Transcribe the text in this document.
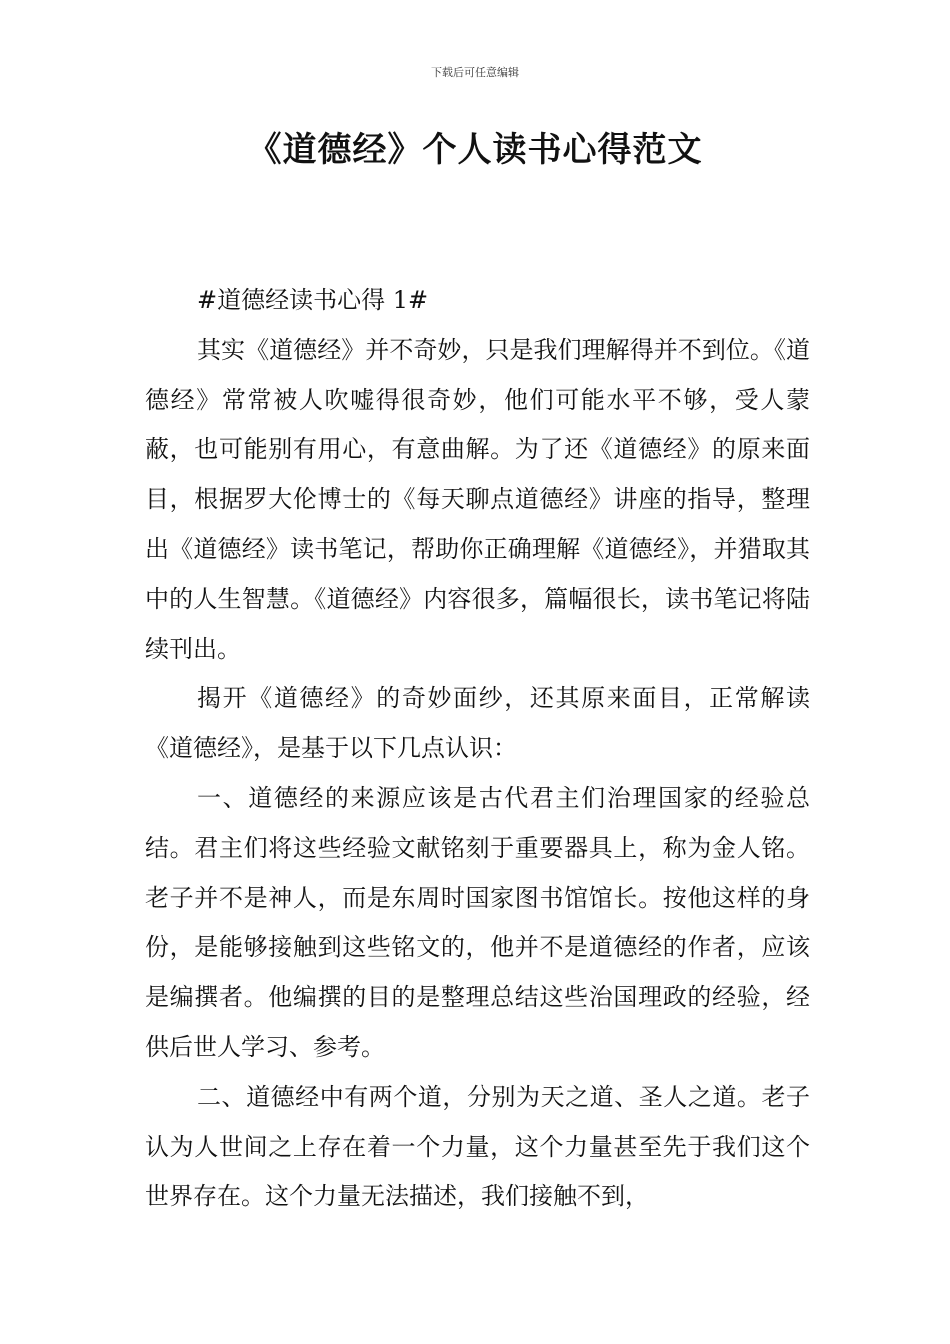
下载后可任意编辑
《道德经》个人读书心得范文

#道德经读书心得 1#

其实《道德经》并不奇妙，只是我们理解得并不到位。《道德经》常常被人吹嘘得很奇妙，他们可能水平不够，受人蒙蔽，也可能别有用心，有意曲解。为了还《道德经》的原来面目，根据罗大伦博士的《每天聊点道德经》讲座的指导，整理出《道德经》读书笔记，帮助你正确理解《道德经》，并猎取其中的人生智慧。《道德经》内容很多，篇幅很长，读书笔记将陆续刊出。

揭开《道德经》的奇妙面纱，还其原来面目，正常解读《道德经》，是基于以下几点认识：

一、道德经的来源应该是古代君主们治理国家的经验总结。君主们将这些经验文献铭刻于重要器具上，称为金人铭。老子并不是神人，而是东周时国家图书馆馆长。按他这样的身份，是能够接触到这些铭文的，他并不是道德经的作者，应该是编撰者。他编撰的目的是整理总结这些治国理政的经验，经供后世人学习、参考。

二、道德经中有两个道，分别为天之道、圣人之道。老子认为人世间之上存在着一个力量，这个力量甚至先于我们这个世界存在。这个力量无法描述，我们接触不到，
